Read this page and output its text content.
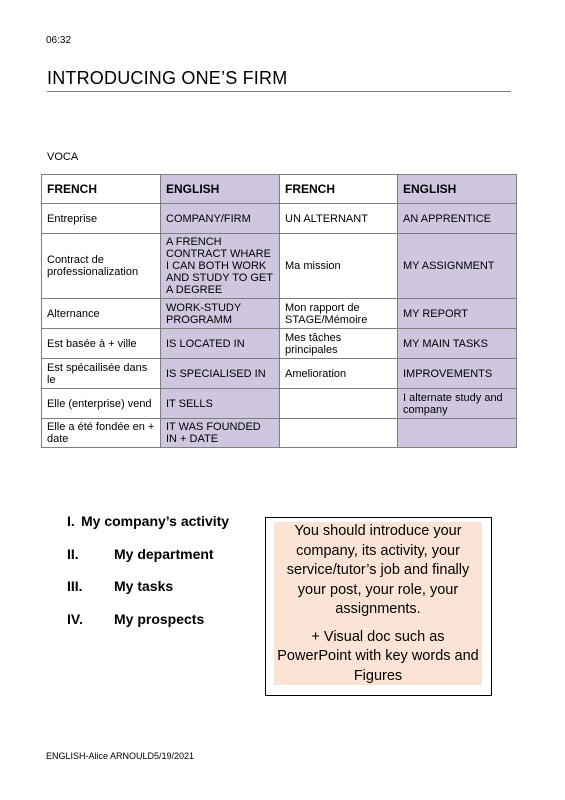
06:32
INTRODUCING ONE’S FIRM
VOCA
FRENCH	ENGLISH	FRENCH	ENGLISH
Entreprise	COMPANY/FIRM	UN ALTERNANT	AN APPRENTICE
Contract de professionalization	A FRENCH CONTRACT WHARE I CAN BOTH WORK AND STUDY TO GET A DEGREE	Ma mission	MY ASSIGNMENT
Alternance	WORK-STUDY PROGRAMM	Mon rapport de STAGE/Mémoire	MY REPORT
Est basée à + ville	IS LOCATED IN	Mes tâches principales	MY MAIN TASKS
Est spécailisée dans le	IS SPECIALISED IN	Amelioration	IMPROVEMENTS
Elle (enterprise) vend	IT SELLS		I alternate study and company
Elle a été fondée en + date	IT WAS FOUNDED IN + DATE		
I. My company’s activity
II.	My department
III. My tasks
IV. My prospects

You should introduce your company, its activity, your service/tutor’s job and finally your post, your role, your assignments.

+ Visual doc such as PowerPoint with key words and Figures

ENGLISH-Alice ARNOULD5/19/2021
